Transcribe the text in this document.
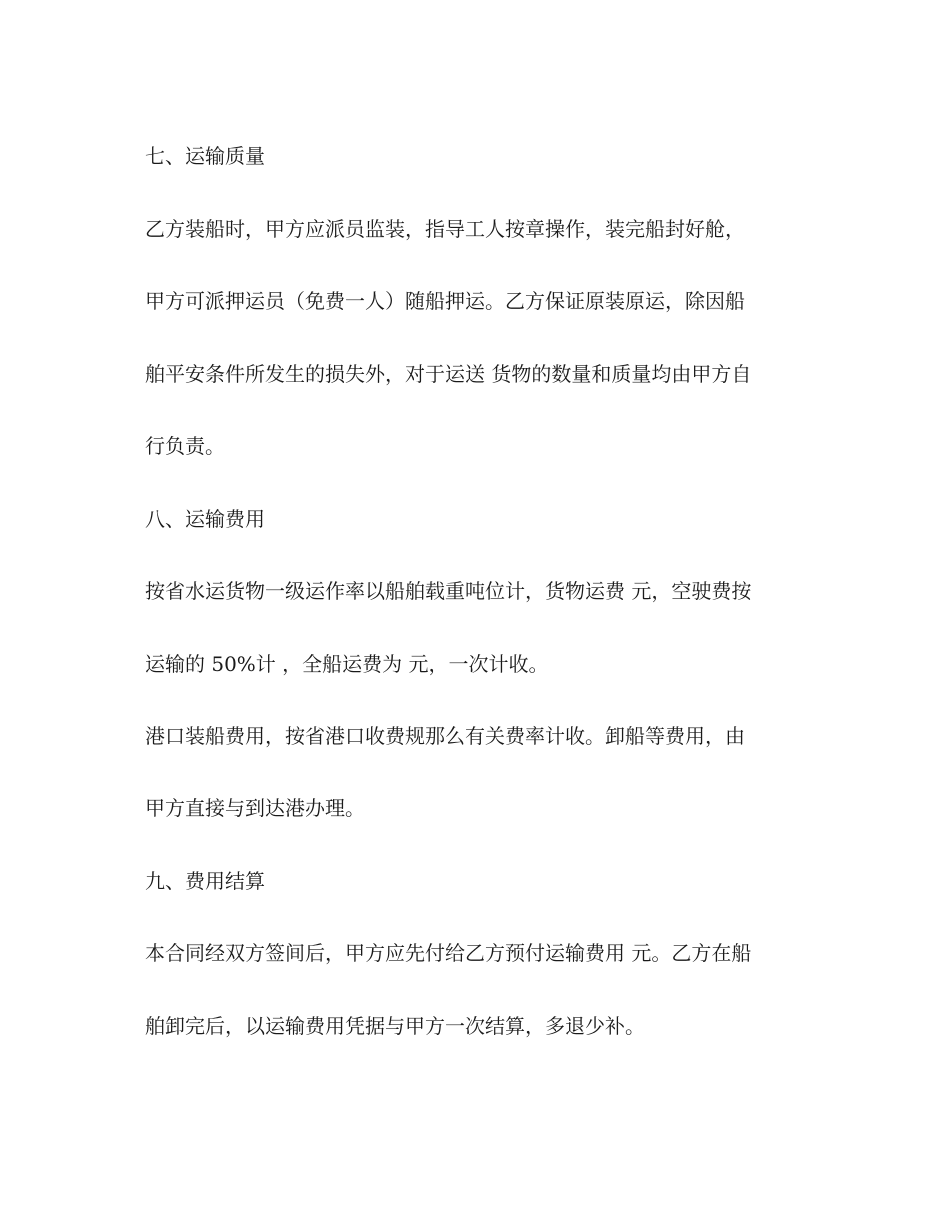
七、运输质量

乙方装船时，甲方应派员监装，指导工人按章操作，装完船封好舱，

甲方可派押运员（免费一人）随船押运。乙方保证原装原运，除因船

舶平安条件所发生的损失外，对于运送 货物的数量和质量均由甲方自

行负责。

八、运输费用

按省水运货物一级运作率以船舶载重吨位计，货物运费 元，空驶费按

运输的 50%计 ，全船运费为 元，一次计收。

港口装船费用，按省港口收费规那么有关费率计收。卸船等费用，由

甲方直接与到达港办理。

九、费用结算

本合同经双方签间后，甲方应先付给乙方预付运输费用 元。乙方在船

舶卸完后，以运输费用凭据与甲方一次结算，多退少补。
